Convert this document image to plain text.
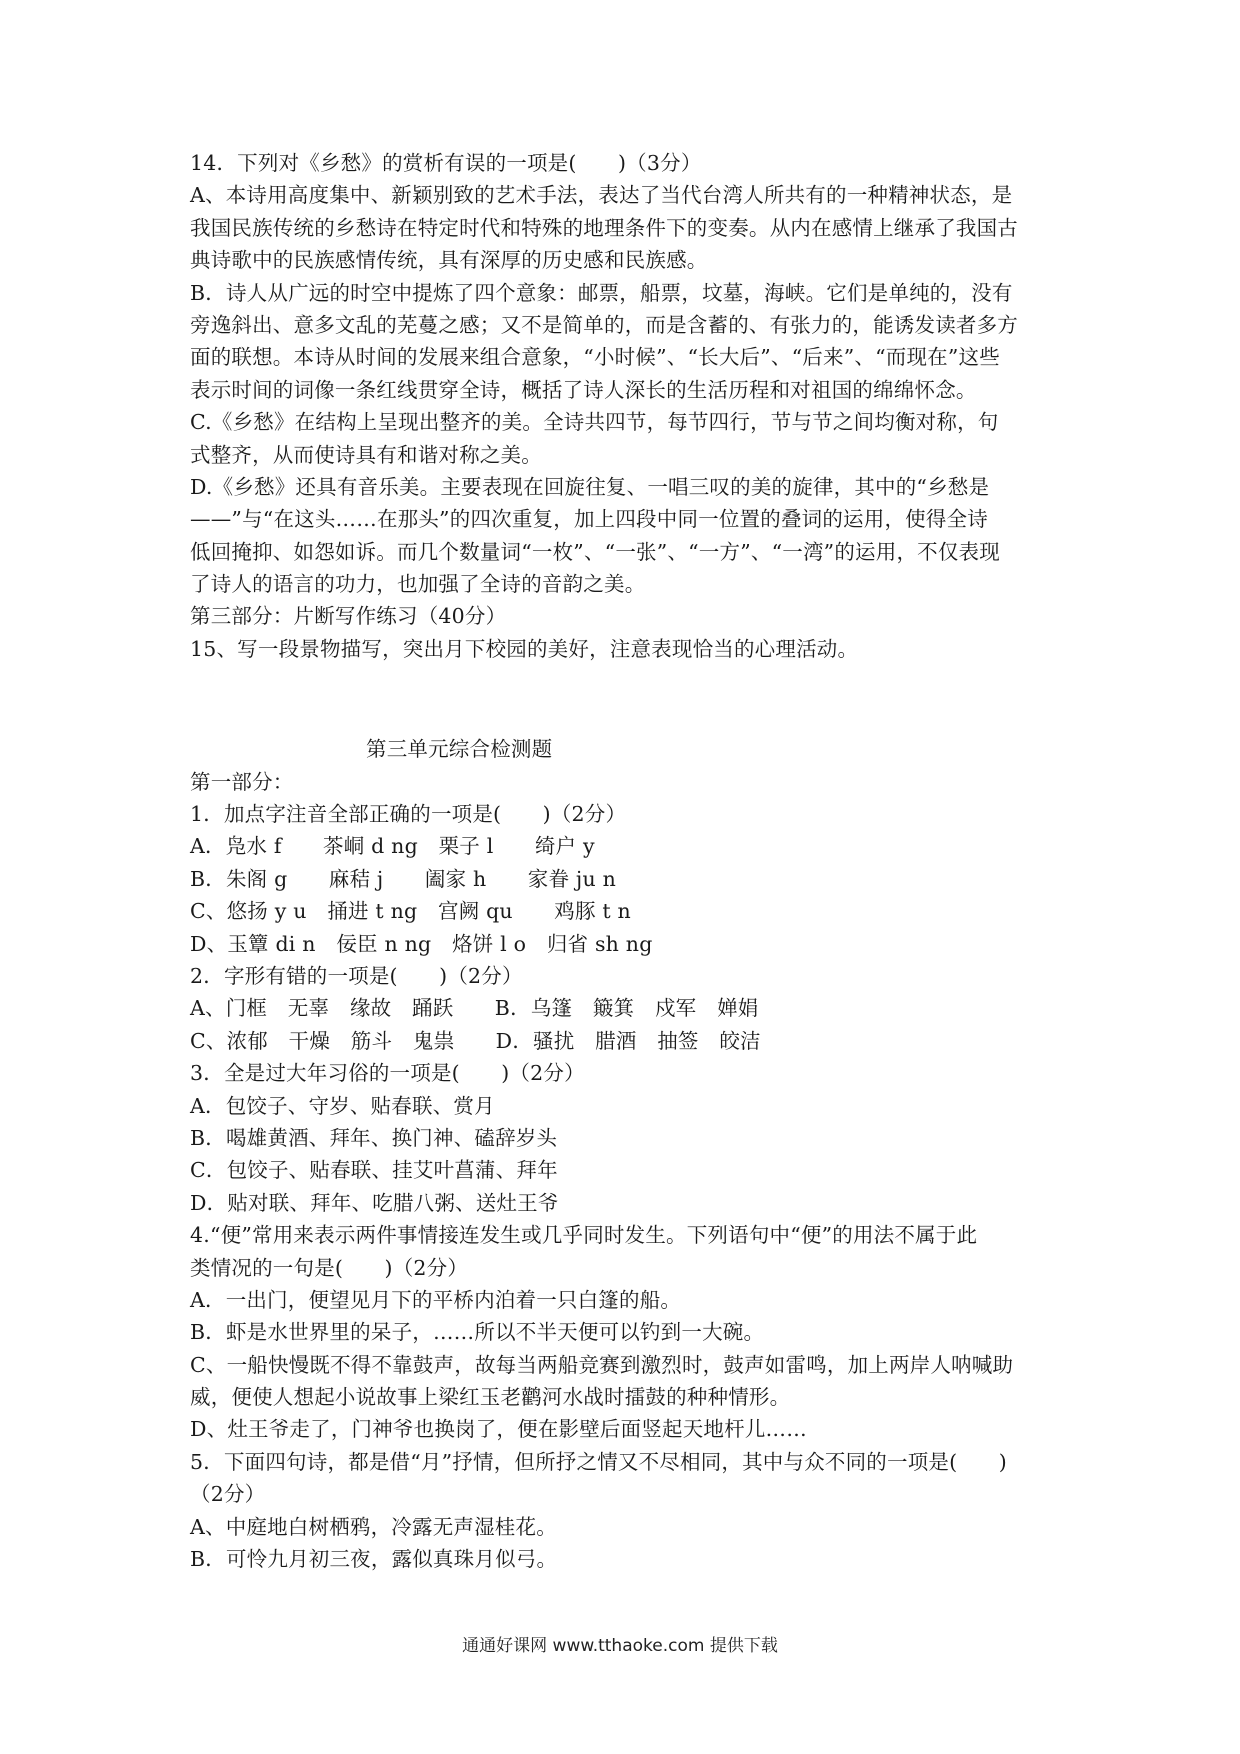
14．下列对《乡愁》的赏析有误的一项是(　　)（3分）
A、本诗用高度集中、新颖别致的艺术手法，表达了当代台湾人所共有的一种精神状态，是
我国民族传统的乡愁诗在特定时代和特殊的地理条件下的变奏。从内在感情上继承了我国古
典诗歌中的民族感情传统，具有深厚的历史感和民族感。
B．诗人从广远的时空中提炼了四个意象：邮票，船票，坟墓，海峡。它们是单纯的，没有
旁逸斜出、意多文乱的芜蔓之感；又不是简单的，而是含蓄的、有张力的，能诱发读者多方
面的联想。本诗从时间的发展来组合意象，“小时候”、“长大后”、“后来”、“而现在”这些
表示时间的词像一条红线贯穿全诗，概括了诗人深长的生活历程和对祖国的绵绵怀念。
C.《乡愁》在结构上呈现出整齐的美。全诗共四节，每节四行，节与节之间均衡对称，句
式整齐，从而使诗具有和谐对称之美。
D.《乡愁》还具有音乐美。主要表现在回旋往复、一唱三叹的美的旋律，其中的“乡愁是
——”与“在这头……在那头”的四次重复，加上四段中同一位置的叠词的运用，使得全诗
低回掩抑、如怨如诉。而几个数量词“一枚”、“一张”、“一方”、“一湾”的运用，不仅表现
了诗人的语言的功力，也加强了全诗的音韵之美。
第三部分：片断写作练习（40分）
15、写一段景物描写，突出月下校园的美好，注意表现恰当的心理活动。
第三单元综合检测题
第一部分：
1．加点字注音全部正确的一项是(　　)（2分）
A．凫水 f　　茶峒 d ng　栗子 l　　绮户 y
B．朱阁 g　　麻秸 j　　阖家 h　　家眷 ju n
C、悠扬 y u　捅进 t ng　宫阙 qu　　鸡豚 t n
D、玉簟 di n　佞臣 n ng　烙饼 l o　归省 sh ng
2．字形有错的一项是(　　)（2分）
A、门框　无辜　缘故　踊跃　　B．乌篷　簸箕　戍军　婵娟
C、浓郁　干燥　筋斗　鬼祟　　D．骚扰　腊酒　抽签　皎洁
3．全是过大年习俗的一项是(　　)（2分）
A．包饺子、守岁、贴春联、赏月
B．喝雄黄酒、拜年、换门神、磕辞岁头
C．包饺子、贴春联、挂艾叶菖蒲、拜年
D．贴对联、拜年、吃腊八粥、送灶王爷
4.“便”常用来表示两件事情接连发生或几乎同时发生。下列语句中“便”的用法不属于此
类情况的一句是(　　)（2分）
A．一出门，便望见月下的平桥内泊着一只白篷的船。
B．虾是水世界里的呆子，……所以不半天便可以钓到一大碗。
C、一船快慢既不得不靠鼓声，故每当两船竞赛到激烈时，鼓声如雷鸣，加上两岸人呐喊助
威，便使人想起小说故事上梁红玉老鹳河水战时擂鼓的种种情形。
D、灶王爷走了，门神爷也换岗了，便在影壁后面竖起天地杆儿……
5．下面四句诗，都是借“月”抒情，但所抒之情又不尽相同，其中与众不同的一项是(　　)
（2分）
A、中庭地白树栖鸦，冷露无声湿桂花。
B．可怜九月初三夜，露似真珠月似弓。
通通好课网 www.tthaoke.com 提供下载
